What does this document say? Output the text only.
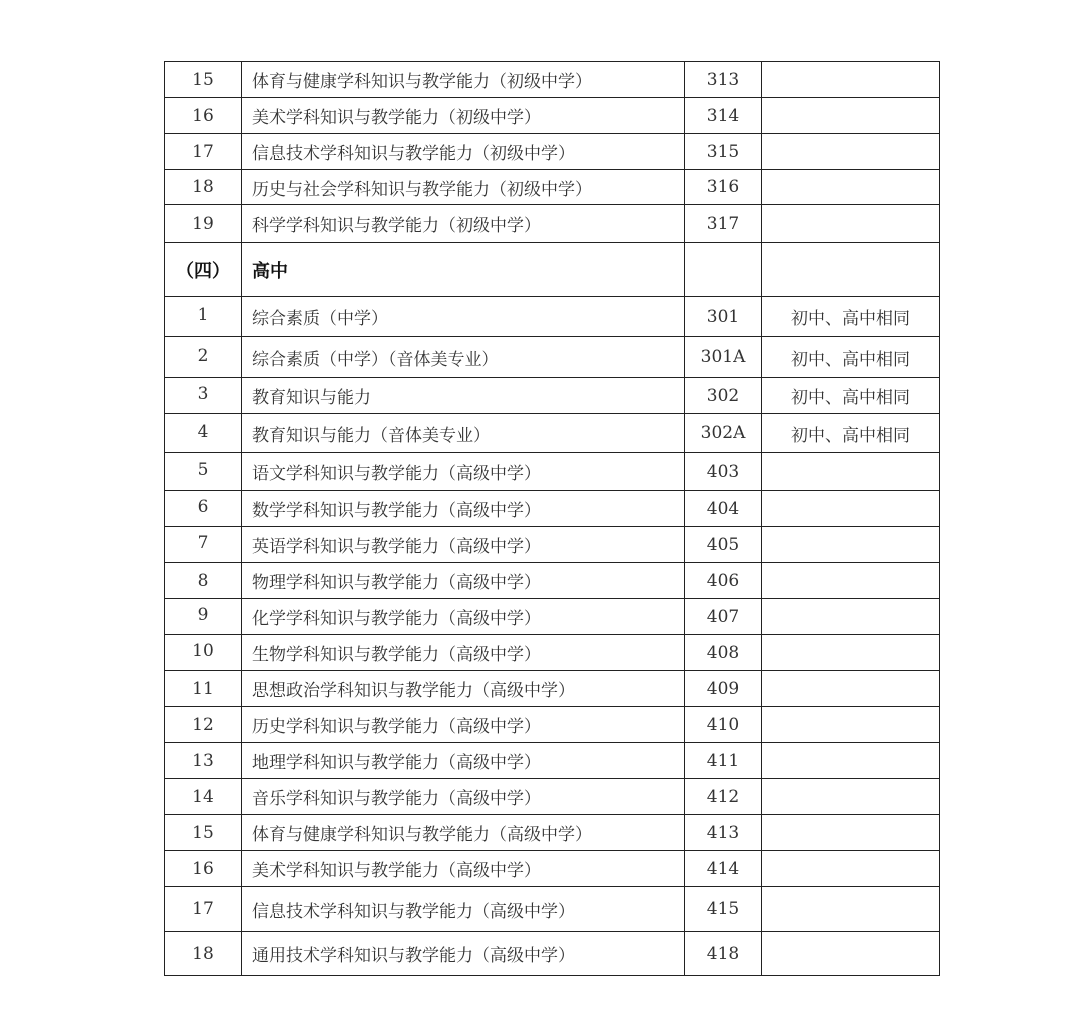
15	体育与健康学科知识与教学能力（初级中学）	313	
16	美术学科知识与教学能力（初级中学）	314	
17	信息技术学科知识与教学能力（初级中学）	315	
18	历史与社会学科知识与教学能力（初级中学）	316	
19	科学学科知识与教学能力（初级中学）	317	
（四）	高中		
1	综合素质（中学）	301	初中、高中相同
2	综合素质（中学）（音体美专业）	301A	初中、高中相同
3	教育知识与能力	302	初中、高中相同
4	教育知识与能力（音体美专业）	302A	初中、高中相同
5	语文学科知识与教学能力（高级中学）	403	
6	数学学科知识与教学能力（高级中学）	404	
7	英语学科知识与教学能力（高级中学）	405	
8	物理学科知识与教学能力（高级中学）	406	
9	化学学科知识与教学能力（高级中学）	407	
10	生物学科知识与教学能力（高级中学）	408	
11	思想政治学科知识与教学能力（高级中学）	409	
12	历史学科知识与教学能力（高级中学）	410	
13	地理学科知识与教学能力（高级中学）	411	
14	音乐学科知识与教学能力（高级中学）	412	
15	体育与健康学科知识与教学能力（高级中学）	413	
16	美术学科知识与教学能力（高级中学）	414	
17	信息技术学科知识与教学能力（高级中学）	415	
18	通用技术学科知识与教学能力（高级中学）	418	
